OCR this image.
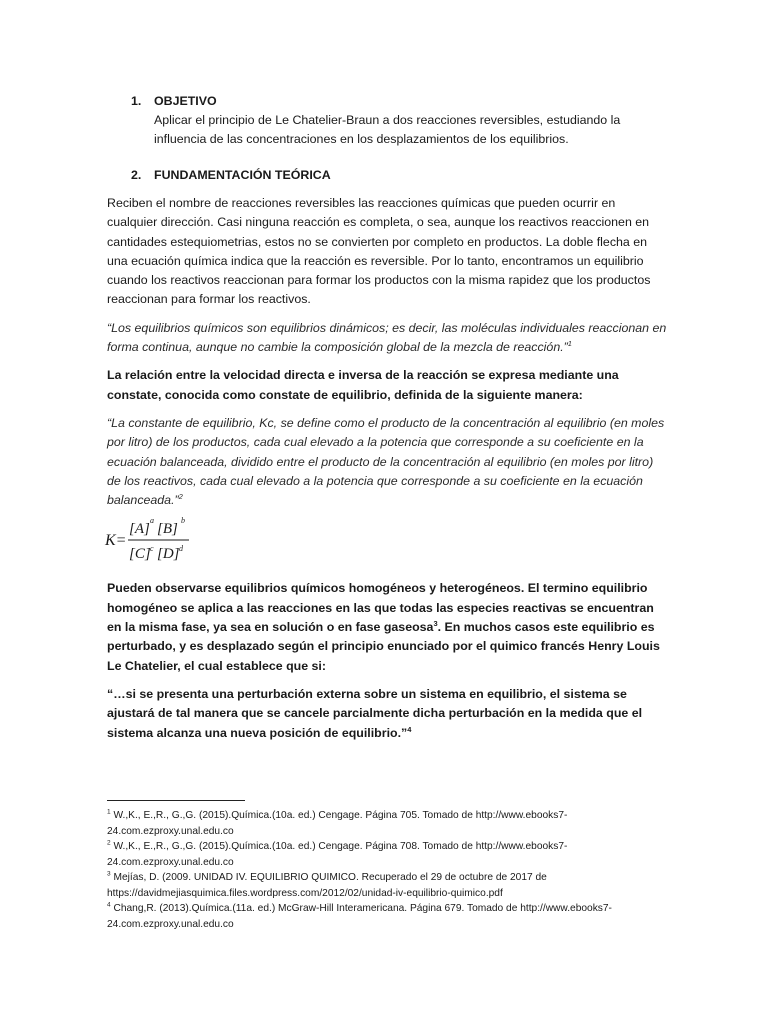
1.	OBJETIVO
Aplicar el principio de Le Chatelier-Braun a dos reacciones reversibles, estudiando la influencia de las concentraciones en los desplazamientos de los equilibrios.
2.	FUNDAMENTACIÓN TEÓRICA

Reciben el nombre de reacciones reversibles las reacciones químicas que pueden ocurrir en cualquier dirección. Casi ninguna reacción es completa, o sea, aunque los reactivos reaccionen en cantidades estequiometrias, estos no se convierten por completo en productos. La doble flecha en una ecuación química indica que la reacción es reversible. Por lo tanto, encontramos un equilibrio cuando los reactivos reaccionan para formar los productos con la misma rapidez que los productos reaccionan para formar los reactivos.

“Los equilibrios químicos son equilibrios dinámicos; es decir, las moléculas individuales reaccionan en forma continua, aunque no cambie la composición global de la mezcla de reacción.”$^1$

La relación entre la velocidad directa e inversa de la reacción se expresa mediante una constate, conocida como constate de equilibrio, definida de la siguiente manera:

“La constante de equilibrio, Kc, se define como el producto de la concentración al equilibrio (en moles por litro) de los productos, cada cual elevado a la potencia que corresponde a su coeficiente en la ecuación balanceada, dividido entre el producto de la concentración al equilibrio (en moles por litro) de los reactivos, cada cual elevado a la potencia que corresponde a su coeficiente en la ecuación balanceada.”$^2$

K=
[A]
a
[B]
b
[C] c [D] d

Pueden observarse equilibrios químicos homogéneos y heterogéneos. El termino equilibrio homogéneo se aplica a las reacciones en las que todas las especies reactivas se encuentran en la misma fase, ya sea en solución o en fase gaseosa$^3$. En muchos casos este equilibrio es perturbado, y es desplazado según el principio enunciado por el quimico francés Henry Louis Le Chatelier, el cual establece que si:

“…si se presenta una perturbación externa sobre un sistema en equilibrio, el sistema se ajustará de tal manera que se cancele parcialmente dicha perturbación en la medida que el sistema alcanza una nueva posición de equilibrio.”$^4$

$^1$ W.,K., E.,R., G.,G. (2015).Química.(10a. ed.) Cengage. Página 705. Tomado de http://www.ebooks7-24.com.ezproxy.unal.edu.co

$^2$ W.,K., E.,R., G.,G. (2015).Química.(10a. ed.) Cengage. Página 708. Tomado de http://www.ebooks7-24.com.ezproxy.unal.edu.co

$^3$ Mejías, D. (2009. UNIDAD IV. EQUILIBRIO QUIMICO. Recuperado el 29 de octubre de 2017 de https://davidmejiasquimica.files.wordpress.com/2012/02/unidad-iv-equilibrio-quimico.pdf

$^4$ Chang,R. (2013).Química.(11a. ed.) McGraw-Hill Interamericana. Página 679. Tomado de http://www.ebooks7-24.com.ezproxy.unal.edu.co
